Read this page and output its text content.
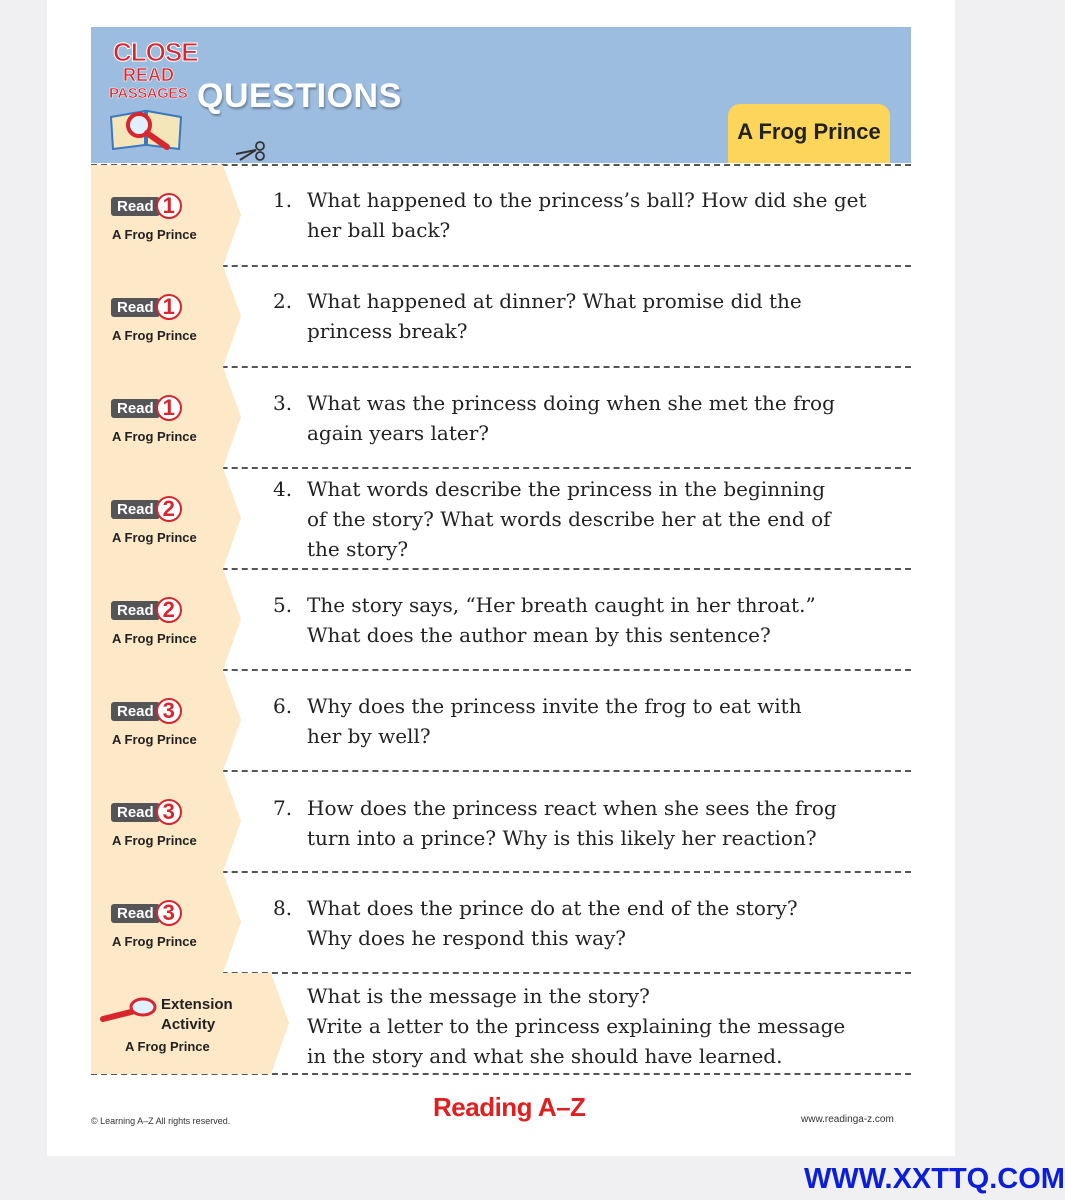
CLOSE
READ
PASSAGES QUESTIONS
A Frog Prince
Read 1
A Frog Prince
1. What happened to the princess’s ball? How did she get
her ball back?
Read 1
A Frog Prince
2. What happened at dinner? What promise did the
princess break?
Read 1
A Frog Prince
3. What was the princess doing when she met the frog
again years later?
Read 2
A Frog Prince
4. What words describe the princess in the beginning
of the story? What words describe her at the end of
the story?
Read 2
A Frog Prince
5. The story says, “Her breath caught in her throat.”
What does the author mean by this sentence?
Read 3
A Frog Prince
6. Why does the princess invite the frog to eat with
her by well?
Read 3
A Frog Prince
7. How does the princess react when she sees the frog
turn into a prince? Why is this likely her reaction?
Read 3
A Frog Prince
8. What does the prince do at the end of the story?
Why does he respond this way?
Extension
Activity
A Frog Prince
What is the message in the story?
Write a letter to the princess explaining the message
in the story and what she should have learned.
© Learning A–Z All rights reserved.	Reading A–Z	www.readinga-z.com
WWW.XXTTQ.COM
